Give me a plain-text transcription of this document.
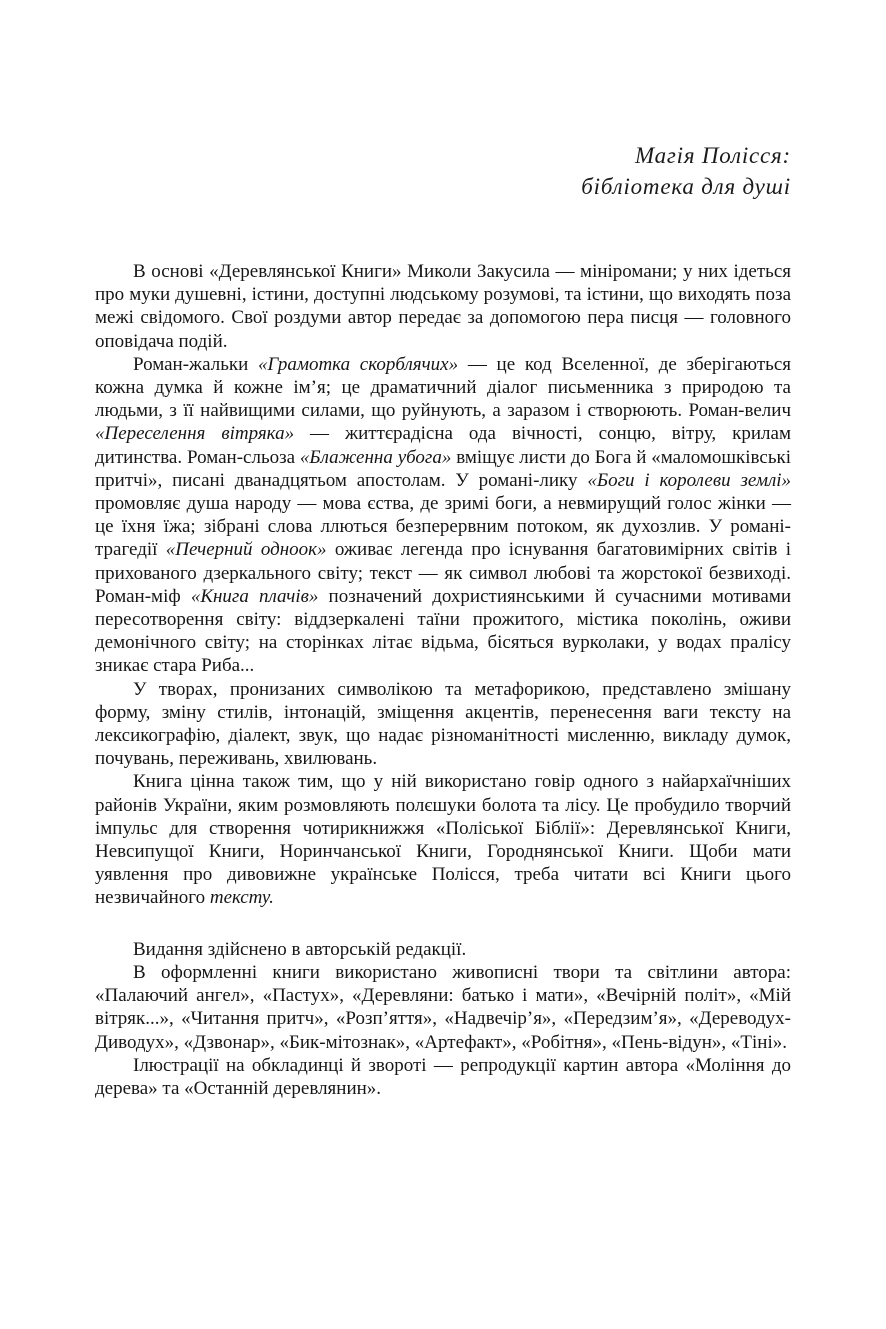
Магія Полісся:
бібліотека для душі

В основі «Деревлянської Книги» Миколи Закусила — мініромани; у них ідеться про муки душевні, істини, доступні людському розумові, та істини, що виходять поза межі свідомого. Свої роздуми автор передає за допомогою пера писця — головного оповідача подій.

Роман-жальки «Грамотка скорблячих» — це код Вселенної, де зберігаються кожна думка й кожне ім’я; це драматичний діалог письменника з природою та людьми, з її найвищими силами, що руйнують, а заразом і створюють. Роман-велич «Переселення вітряка» — життєрадісна ода вічності, сонцю, вітру, крилам дитинства. Роман-сльоза «Блаженна убога» вміщує листи до Бога й «маломошківські притчі», писані дванадцятьом апостолам. У романі-лику «Боги і королеви землі» промовляє душа народу — мова єства, де зримі боги, а невмирущий голос жінки — це їхня їжа; зібрані слова ллються безперервним потоком, як духозлив. У романі-трагедії «Печерний одноок» оживає легенда про існування багатовимірних світів і прихованого дзеркального світу; текст — як символ любові та жорстокої безвиході. Роман-міф «Книга плачів» позначений дохристиянськими й сучасними мотивами пересотворення світу: віддзеркалені таїни прожитого, містика поколінь, оживи демонічного світу; на сторінках літає відьма, бісяться вурколаки, у водах пралісу зникає стара Риба...

У творах, пронизаних символікою та метафорикою, представлено змішану форму, зміну стилів, інтонацій, зміщення акцентів, перенесення ваги тексту на лексикографію, діалект, звук, що надає різноманітності мисленню, викладу думок, почувань, переживань, хвилювань.

Книга цінна також тим, що у ній використано говір одного з найархаїчніших районів України, яким розмовляють полєшуки болота та лісу. Це пробудило творчий імпульс для створення чотирикнижжя «Поліської Біблії»: Деревлянської Книги, Невсипущої Книги, Норинчанської Книги, Городнянської Книги. Щоби мати уявлення про дивовижне українське Полісся, треба читати всі Книги цього незвичайного тексту.

Видання здійснено в авторській редакції.

В оформленні книги використано живописні твори та світлини автора: «Палаючий ангел», «Пастух», «Деревляни: батько і мати», «Вечірній політ», «Мій вітряк...», «Читання притч», «Розп’яття», «Надвечір’я», «Передзим’я», «Дереводух-Диводух», «Дзвонар», «Бик-мітознак», «Артефакт», «Робітня», «Пень-відун», «Тіні».

Ілюстрації на обкладинці й звороті — репродукції картин автора «Моління до дерева» та «Останній деревлянин».
